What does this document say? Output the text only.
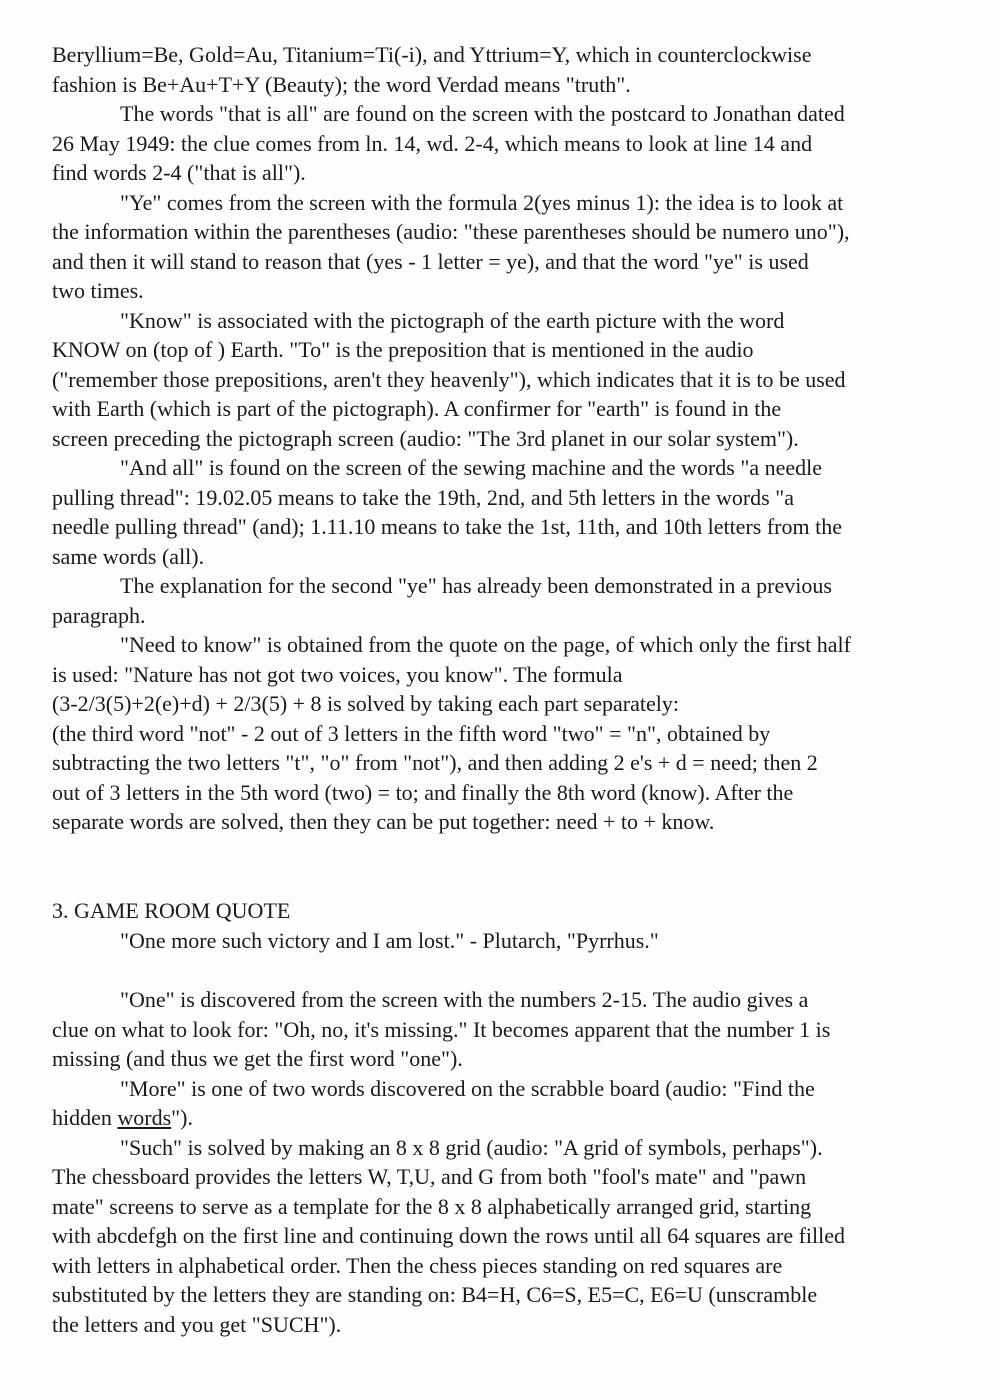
Beryllium=Be, Gold=Au, Titanium=Ti(-i), and Yttrium=Y, which in counterclockwise
fashion is Be+Au+T+Y (Beauty); the word Verdad means "truth".
The words "that is all" are found on the screen with the postcard to Jonathan dated
26 May 1949: the clue comes from ln. 14, wd. 2-4, which means to look at line 14 and
find words 2-4 ("that is all").
"Ye" comes from the screen with the formula 2(yes minus 1): the idea is to look at
the information within the parentheses (audio: "these parentheses should be numero uno"),
and then it will stand to reason that (yes - 1 letter = ye), and that the word "ye" is used
two times.
"Know" is associated with the pictograph of the earth picture with the word
KNOW on (top of ) Earth. "To" is the preposition that is mentioned in the audio
("remember those prepositions, aren't they heavenly"), which indicates that it is to be used
with Earth (which is part of the pictograph). A confirmer for "earth" is found in the
screen preceding the pictograph screen (audio: "The 3rd planet in our solar system").
"And all" is found on the screen of the sewing machine and the words "a needle
pulling thread": 19.02.05 means to take the 19th, 2nd, and 5th letters in the words "a
needle pulling thread" (and); 1.11.10 means to take the 1st, 11th, and 10th letters from the
same words (all).
The explanation for the second "ye" has already been demonstrated in a previous
paragraph.
"Need to know" is obtained from the quote on the page, of which only the first half
is used: "Nature has not got two voices, you know". The formula
(3-2/3(5)+2(e)+d) + 2/3(5) + 8 is solved by taking each part separately:
(the third word "not" - 2 out of 3 letters in the fifth word "two" = "n", obtained by
subtracting the two letters "t", "o" from "not"), and then adding 2 e's + d = need; then 2
out of 3 letters in the 5th word (two) = to; and finally the 8th word (know). After the
separate words are solved, then they can be put together: need + to + know.
3. GAME ROOM QUOTE
"One more such victory and I am lost." - Plutarch, "Pyrrhus."
"One" is discovered from the screen with the numbers 2-15. The audio gives a
clue on what to look for: "Oh, no, it's missing." It becomes apparent that the number 1 is
missing (and thus we get the first word "one").
"More" is one of two words discovered on the scrabble board (audio: "Find the
hidden words").
"Such" is solved by making an 8 x 8 grid (audio: "A grid of symbols, perhaps").
The chessboard provides the letters W, T,U, and G from both "fool's mate" and "pawn
mate" screens to serve as a template for the 8 x 8 alphabetically arranged grid, starting
with abcdefgh on the first line and continuing down the rows until all 64 squares are filled
with letters in alphabetical order. Then the chess pieces standing on red squares are
substituted by the letters they are standing on: B4=H, C6=S, E5=C, E6=U (unscramble
the letters and you get "SUCH").
